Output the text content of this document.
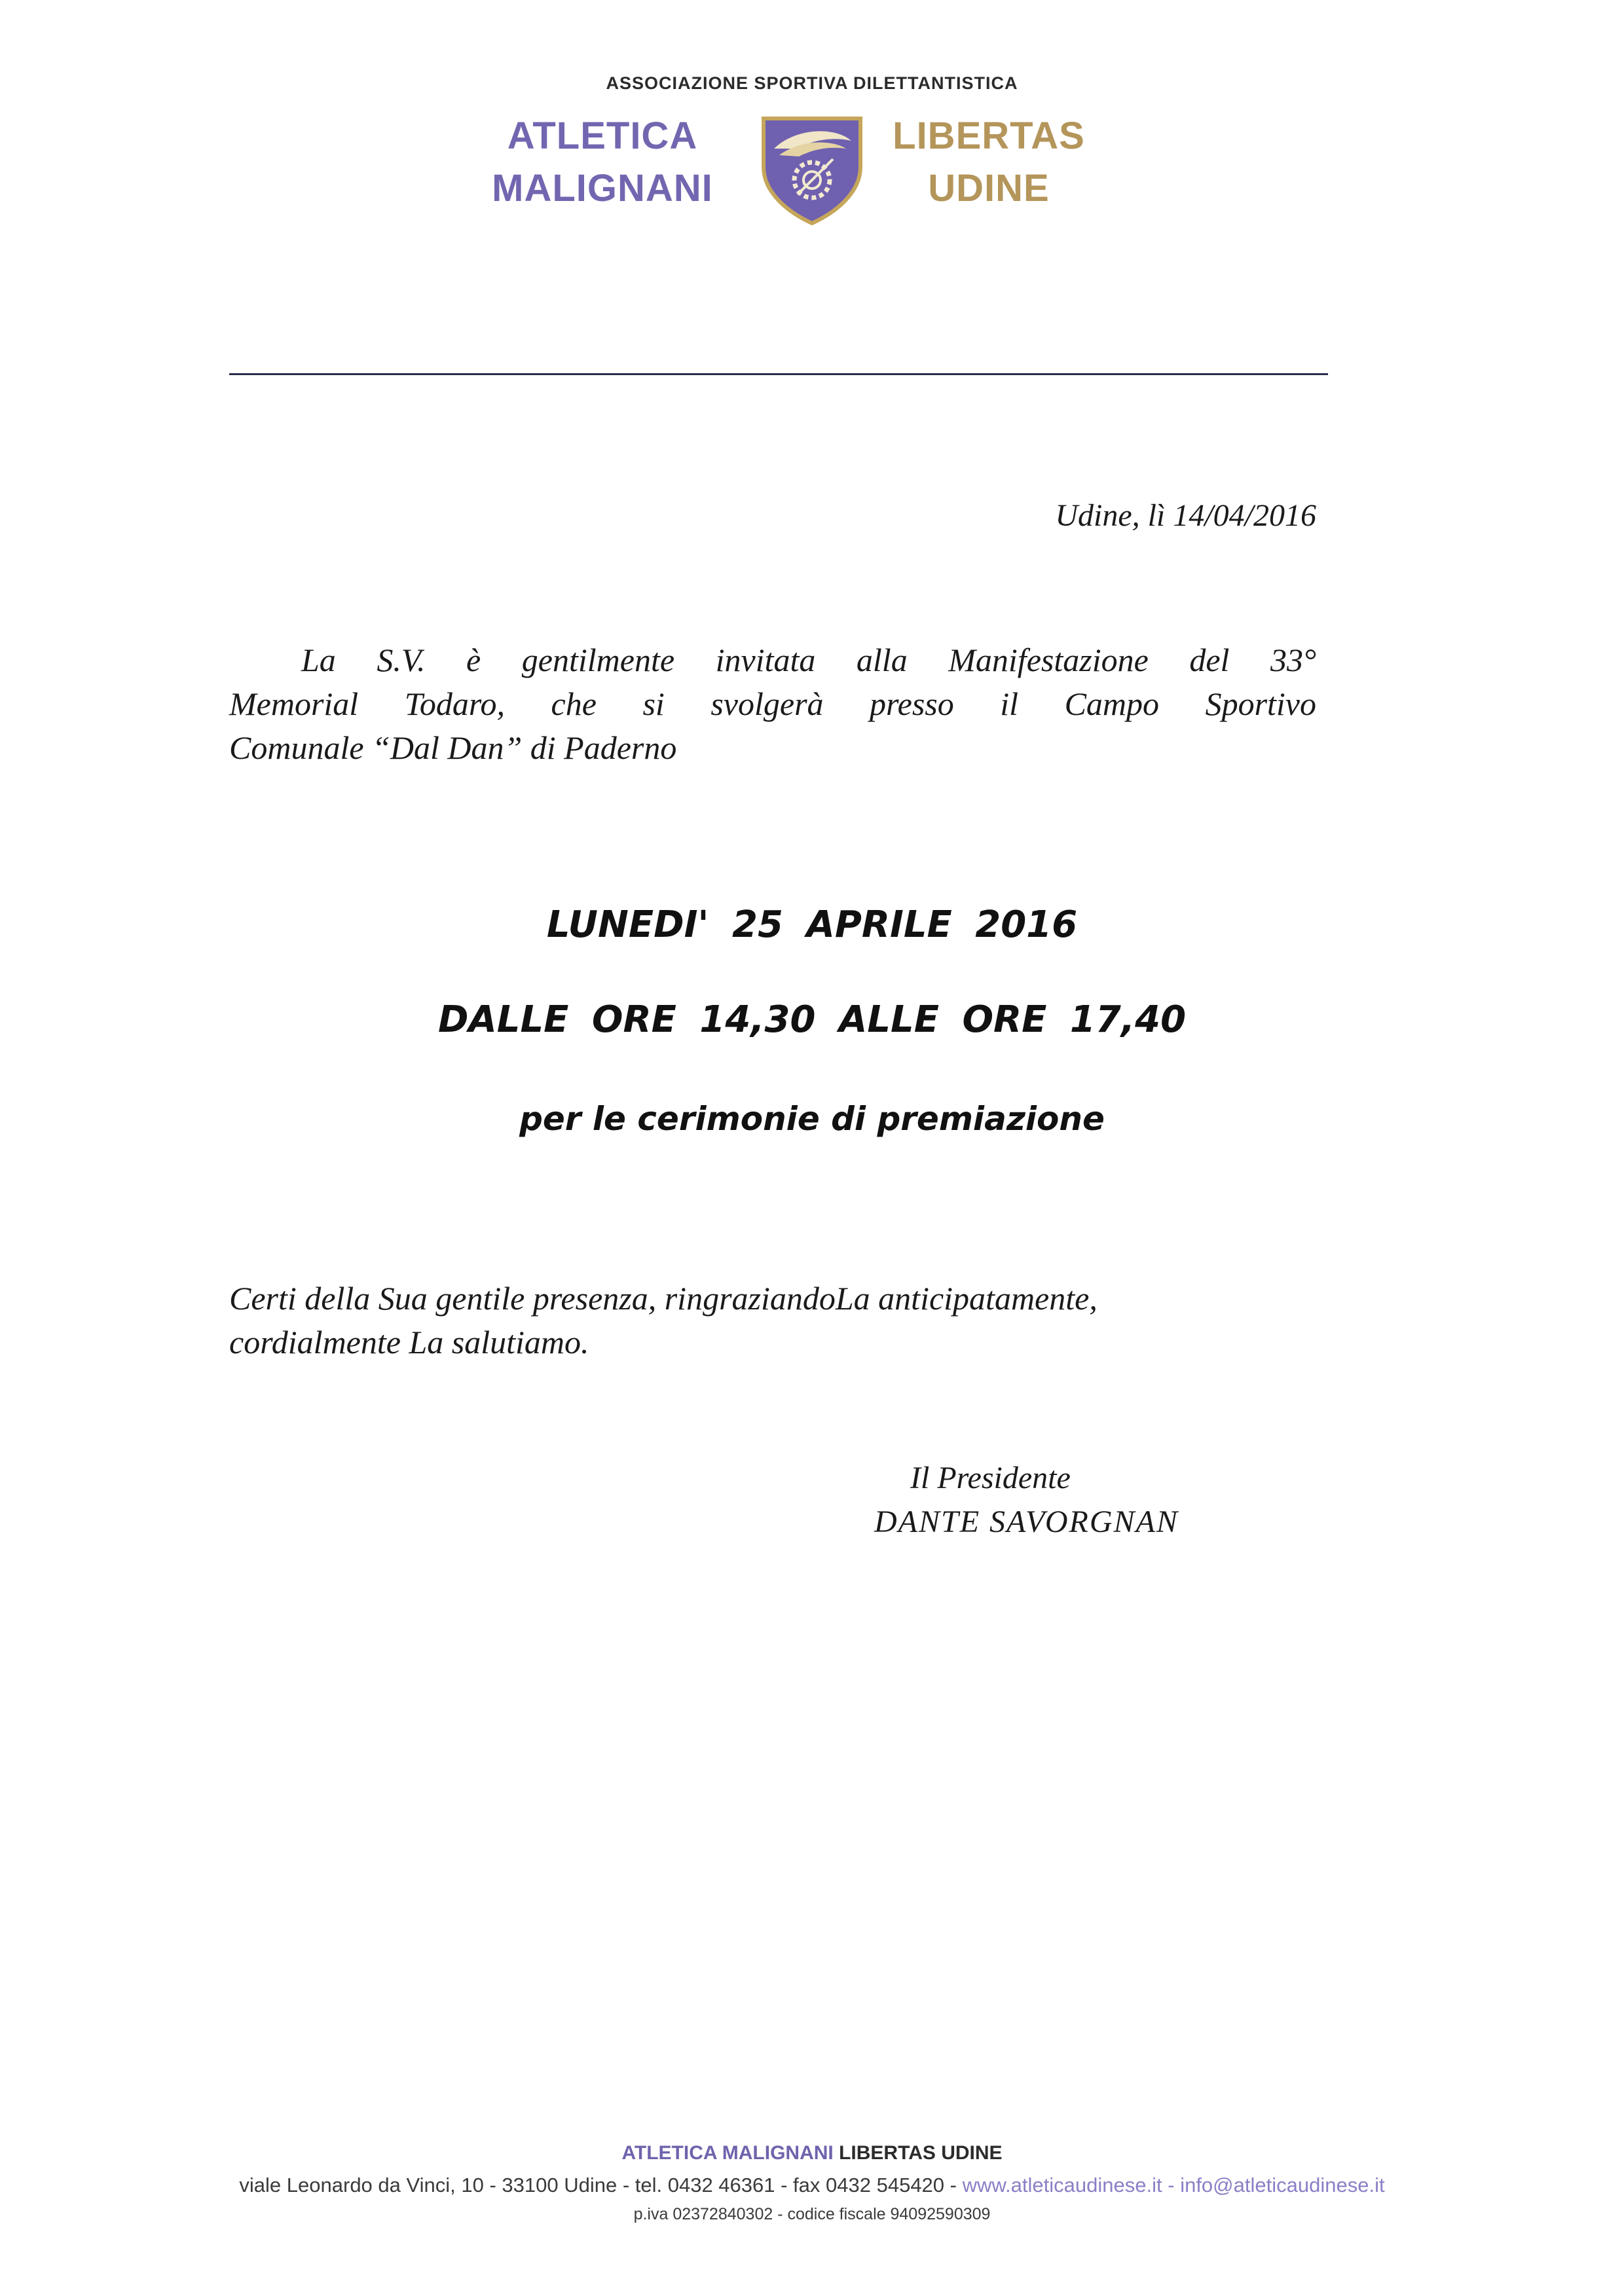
ASSOCIAZIONE SPORTIVA DILETTANTISTICA
ATLETICA
MALIGNANI
LIBERTAS
UDINE
Udine, lì 14/04/2016
La S.V. è gentilmente invitata alla Manifestazione del 33°
Memorial Todaro, che si svolgerà presso il Campo Sportivo
Comunale “Dal Dan” di Paderno
LUNEDI' 25 APRILE 2016
DALLE ORE 14,30 ALLE ORE 17,40
per le cerimonie di premiazione
Certi della Sua gentile presenza, ringraziandoLa anticipatamente,
cordialmente La salutiamo.
Il Presidente
DANTE SAVORGNAN
ATLETICA MALIGNANI LIBERTAS UDINE
viale Leonardo da Vinci, 10 - 33100 Udine - tel. 0432 46361 - fax 0432 545420 - www.atleticaudinese.it - info@atleticaudinese.it
p.iva 02372840302 - codice fiscale 94092590309
